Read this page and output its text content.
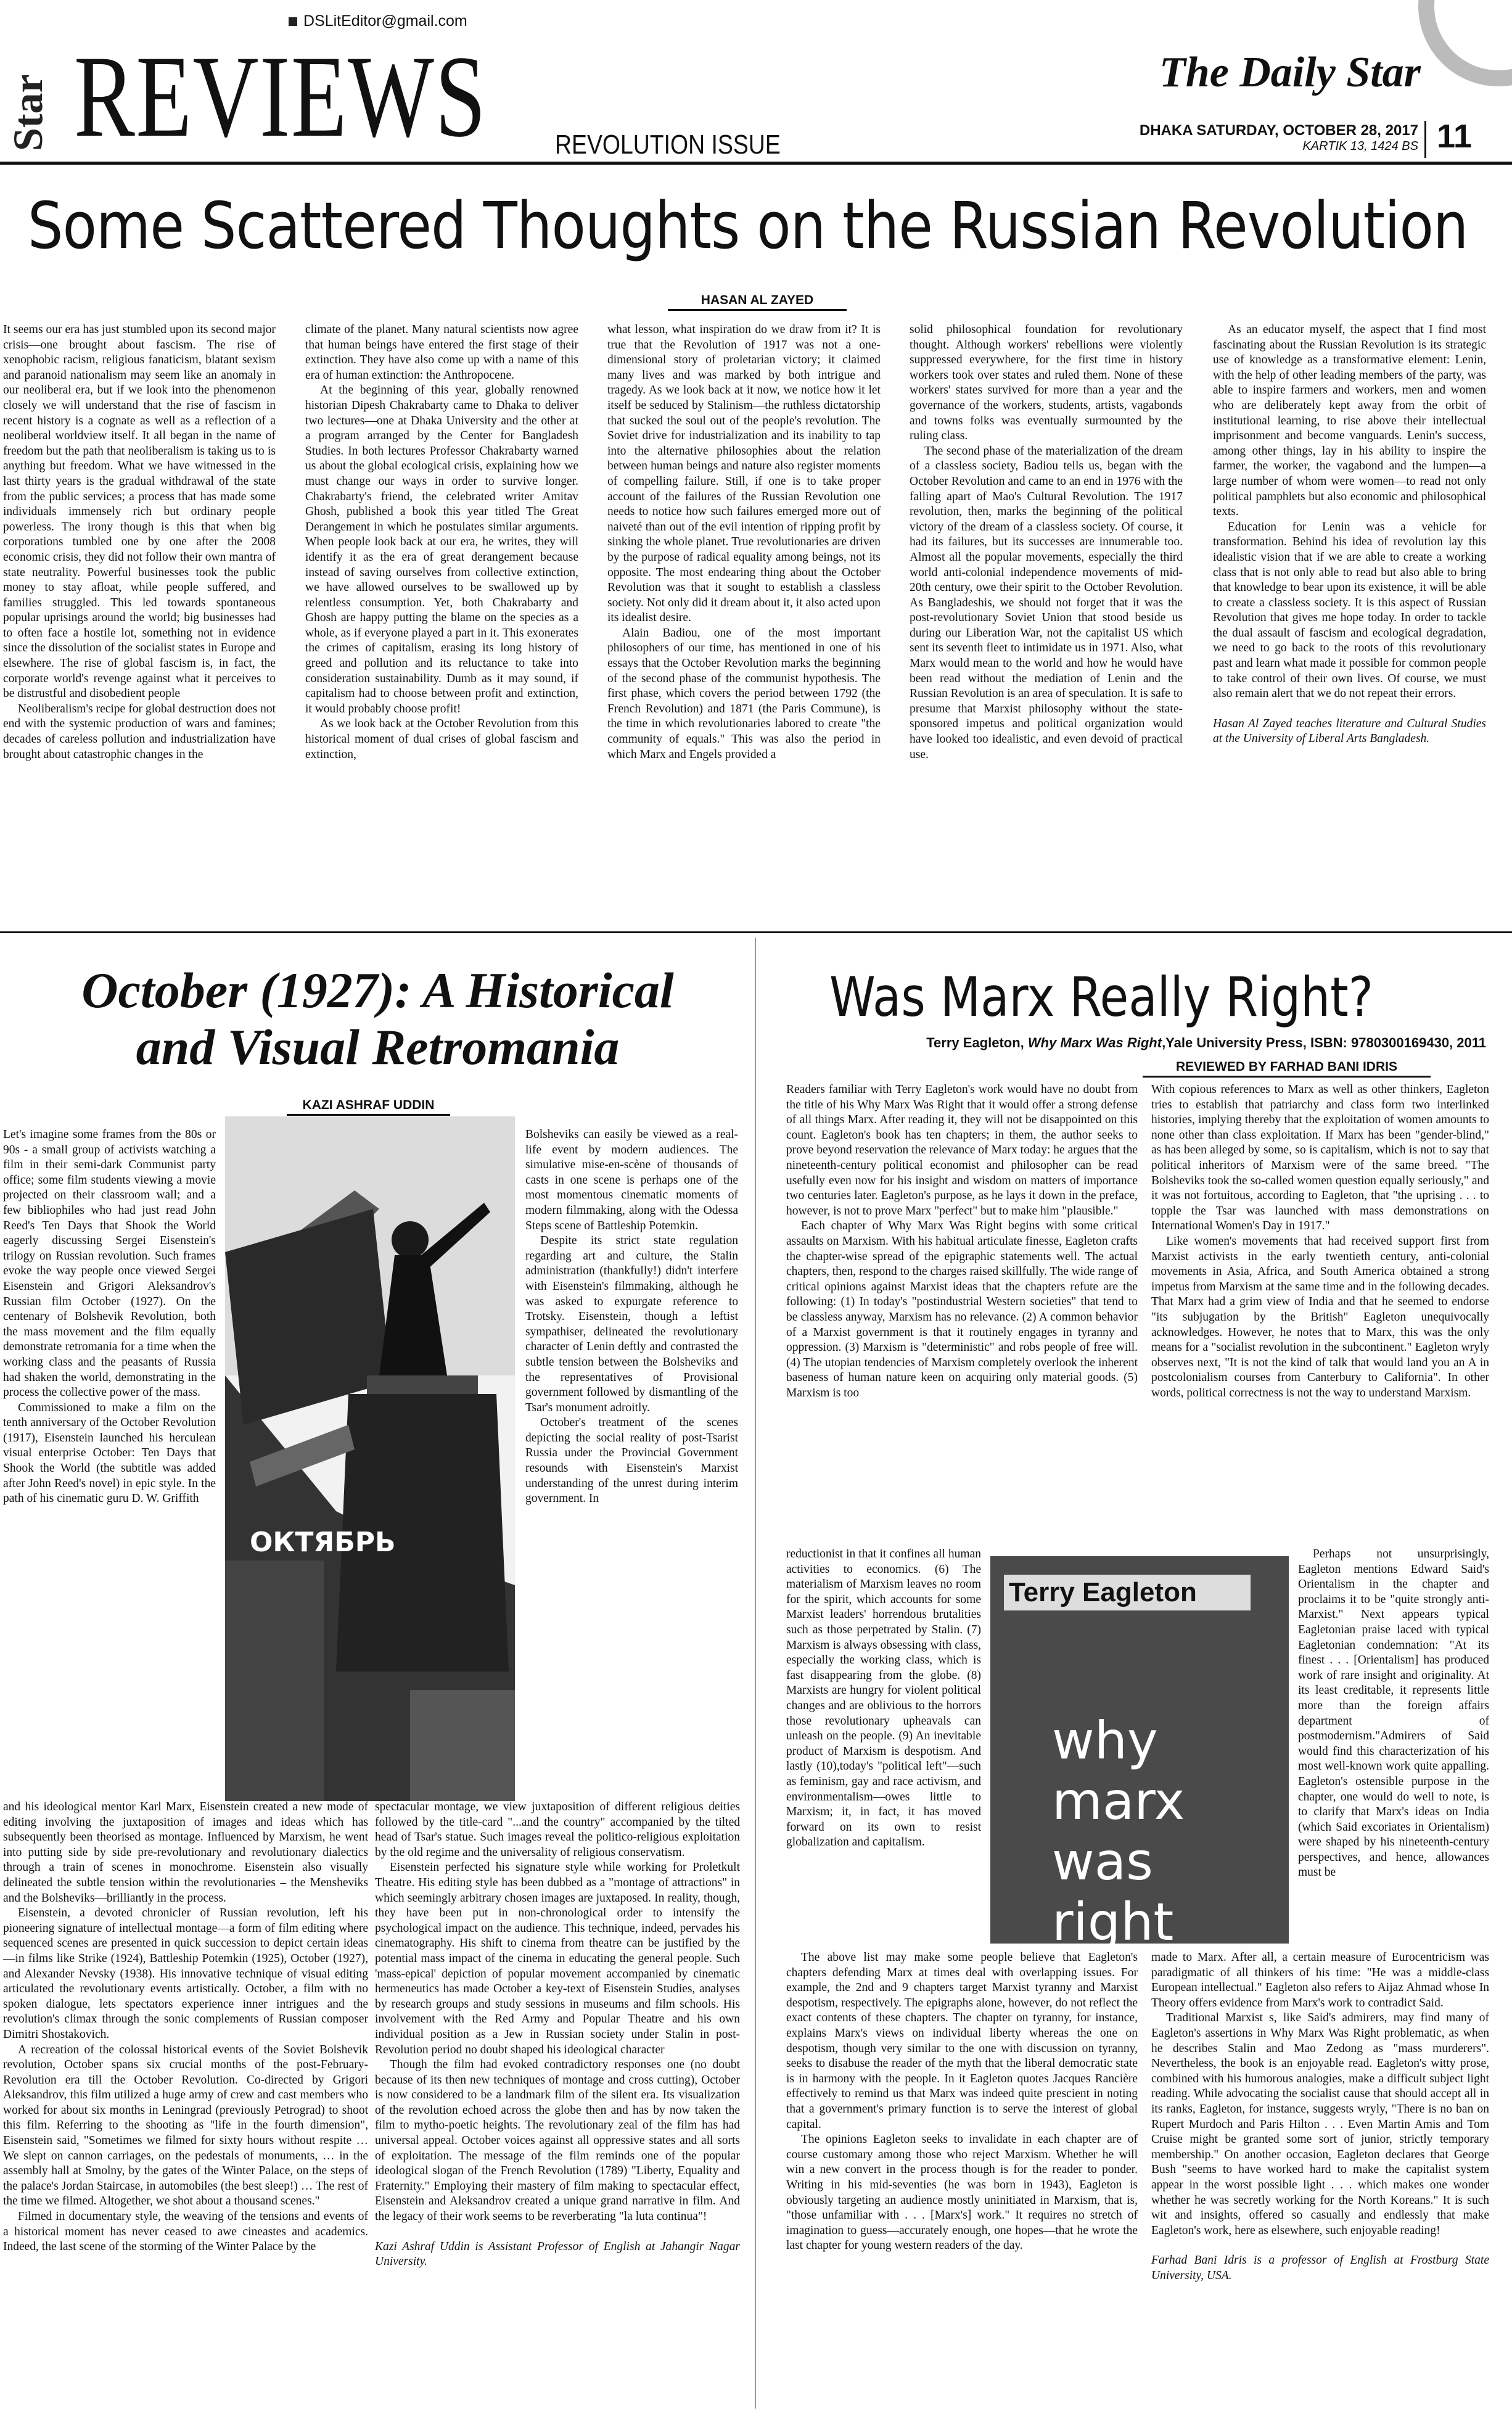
Star
DSLitEditor@gmail.com
REVIEWS	REVOLUTION ISSUE
The Daily Star
DHAKA SATURDAY, OCTOBER 28, 2017
KARTIK 13, 1424 BS 11
Some Scattered Thoughts on the Russian Revolution
HASAN AL ZAYED

It seems our era has just stumbled upon its second major crisis—one brought about fascism. The rise of xenophobic racism, religious fanaticism, blatant sexism and paranoid nationalism may seem like an anomaly in our neoliberal era, but if we look into the phenomenon closely we will understand that the rise of fascism in recent history is a cognate as well as a reflection of a neoliberal worldview itself. It all began in the name of freedom but the path that neoliberalism is taking us to is anything but freedom. What we have witnessed in the last thirty years is the gradual withdrawal of the state from the public services; a process that has made some individuals immensely rich but ordinary people powerless. The irony though is this that when big corporations tumbled one by one after the 2008 economic crisis, they did not follow their own mantra of state neutrality. Powerful businesses took the public money to stay afloat, while people suffered, and families struggled. This led towards spontaneous popular uprisings around the world; big businesses had to often face a hostile lot, something not in evidence since the dissolution of the socialist states in Europe and elsewhere. The rise of global fascism is, in fact, the corporate world's revenge against what it perceives to be distrustful and disobedient people

Neoliberalism's recipe for global destruction does not end with the systemic production of wars and famines; decades of careless pollution and industrialization have brought about catastrophic changes in the

climate of the planet. Many natural scientists now agree that human beings have entered the first stage of their extinction. They have also come up with a name of this era of human extinction: the Anthropocene.

At the beginning of this year, globally renowned historian Dipesh Chakrabarty came to Dhaka to deliver two lectures—one at Dhaka University and the other at a program arranged by the Center for Bangladesh Studies. In both lectures Professor Chakrabarty warned us about the global ecological crisis, explaining how we must change our ways in order to survive longer. Chakrabarty's friend, the celebrated writer Amitav Ghosh, published a book this year titled The Great Derangement in which he postulates similar arguments. When people look back at our era, he writes, they will identify it as the era of great derangement because instead of saving ourselves from collective extinction, we have allowed ourselves to be swallowed up by relentless consumption. Yet, both Chakrabarty and Ghosh are happy putting the blame on the species as a whole, as if everyone played a part in it. This exonerates the crimes of capitalism, erasing its long history of greed and pollution and its reluctance to take into consideration sustainability. Dumb as it may sound, if capitalism had to choose between profit and extinction, it would probably choose profit!

As we look back at the October Revolution from this historical moment of dual crises of global fascism and extinction,

what lesson, what inspiration do we draw from it? It is true that the Revolution of 1917 was not a one-dimensional story of proletarian victory; it claimed many lives and was marked by both intrigue and tragedy. As we look back at it now, we notice how it let itself be seduced by Stalinism—the ruthless dictatorship that sucked the soul out of the people's revolution. The Soviet drive for industrialization and its inability to tap into the alternative philosophies about the relation between human beings and nature also register moments of compelling failure. Still, if one is to take proper account of the failures of the Russian Revolution one needs to notice how such failures emerged more out of naiveté than out of the evil intention of ripping profit by sinking the whole planet. True revolutionaries are driven by the purpose of radical equality among beings, not its opposite. The most endearing thing about the October Revolution was that it sought to establish a classless society. Not only did it dream about it, it also acted upon its idealist desire.

Alain Badiou, one of the most important philosophers of our time, has mentioned in one of his essays that the October Revolution marks the beginning of the second phase of the communist hypothesis. The first phase, which covers the period between 1792 (the French Revolution) and 1871 (the Paris Commune), is the time in which revolutionaries labored to create "the community of equals." This was also the period in which Marx and Engels provided a

solid philosophical foundation for revolutionary thought. Although workers' rebellions were violently suppressed everywhere, for the first time in history workers took over states and ruled them. None of these workers' states survived for more than a year and the governance of the workers, students, artists, vagabonds and towns folks was eventually surmounted by the ruling class.

The second phase of the materialization of the dream of a classless society, Badiou tells us, began with the October Revolution and came to an end in 1976 with the falling apart of Mao's Cultural Revolution. The 1917 revolution, then, marks the beginning of the political victory of the dream of a classless society. Of course, it had its failures, but its successes are innumerable too. Almost all the popular movements, especially the third world anti-colonial independence movements of mid-20th century, owe their spirit to the October Revolution. As Bangladeshis, we should not forget that it was the post-revolutionary Soviet Union that stood beside us during our Liberation War, not the capitalist US which sent its seventh fleet to intimidate us in 1971. Also, what Marx would mean to the world and how he would have been read without the mediation of Lenin and the Russian Revolution is an area of speculation. It is safe to presume that Marxist philosophy without the state-sponsored impetus and political organization would have looked too idealistic, and even devoid of practical use.

As an educator myself, the aspect that I find most fascinating about the Russian Revolution is its strategic use of knowledge as a transformative element: Lenin, with the help of other leading members of the party, was able to inspire farmers and workers, men and women who are deliberately kept away from the orbit of institutional learning, to rise above their intellectual imprisonment and become vanguards. Lenin's success, among other things, lay in his ability to inspire the farmer, the worker, the vagabond and the lumpen—a large number of whom were women—to read not only political pamphlets but also economic and philosophical texts.

Education for Lenin was a vehicle for transformation. Behind his idea of revolution lay this idealistic vision that if we are able to create a working class that is not only able to read but also able to bring that knowledge to bear upon its existence, it will be able to create a classless society. It is this aspect of Russian Revolution that gives me hope today. In order to tackle the dual assault of fascism and ecological degradation, we need to go back to the roots of this revolutionary past and learn what made it possible for common people to take control of their own lives. Of course, we must also remain alert that we do not repeat their errors.

Hasan Al Zayed teaches literature and Cultural Studies at the University of Liberal Arts Bangladesh.

October (1927): A Historical
and Visual Retromania
KAZI ASHRAF UDDIN
ОКТЯБРЬ

Let's imagine some frames from the 80s or 90s - a small group of activists watching a film in their semi-dark Communist party office; some film students viewing a movie projected on their classroom wall; and a few bibliophiles who had just read John Reed's Ten Days that Shook the World eagerly discussing Sergei Eisenstein's trilogy on Russian revolution. Such frames evoke the way people once viewed Sergei Eisenstein and Grigori Aleksandrov's Russian film October (1927). On the centenary of Bolshevik Revolution, both the mass movement and the film equally demonstrate retromania for a time when the working class and the peasants of Russia had shaken the world, demonstrating in the process the collective power of the mass.

Commissioned to make a film on the tenth anniversary of the October Revolution (1917), Eisenstein launched his herculean visual enterprise October: Ten Days that Shook the World (the subtitle was added after John Reed's novel) in epic style. In the path of his cinematic guru D. W. Griffith

and his ideological mentor Karl Marx, Eisenstein created a new mode of editing involving the juxtaposition of images and ideas which has subsequently been theorised as montage. Influenced by Marxism, he went into putting side by side pre-revolutionary and revolutionary dialectics through a train of scenes in monochrome. Eisenstein also visually delineated the subtle tension within the revolutionaries – the Mensheviks and the Bolsheviks—brilliantly in the process.

Eisenstein, a devoted chronicler of Russian revolution, left his pioneering signature of intellectual montage—a form of film editing where sequenced scenes are presented in quick succession to depict certain ideas—in films like Strike (1924), Battleship Potemkin (1925), October (1927), and Alexander Nevsky (1938). His innovative technique of visual editing articulated the revolutionary events artistically. October, a film with no spoken dialogue, lets spectators experience inner intrigues and the revolution's climax through the sonic complements of Russian composer Dimitri Shostakovich.

A recreation of the colossal historical events of the Soviet Bolshevik revolution, October spans six crucial months of the post-February-Revolution era till the October Revolution. Co-directed by Grigori Aleksandrov, this film utilized a huge army of crew and cast members who worked for about six months in Leningrad (previously Petrograd) to shoot this film. Referring to the shooting as "life in the fourth dimension", Eisenstein said, "Sometimes we filmed for sixty hours without respite … We slept on cannon carriages, on the pedestals of monuments, … in the assembly hall at Smolny, by the gates of the Winter Palace, on the steps of the palace's Jordan Staircase, in automobiles (the best sleep!) … The rest of the time we filmed. Altogether, we shot about a thousand scenes."

Filmed in documentary style, the weaving of the tensions and events of a historical moment has never ceased to awe cineastes and academics. Indeed, the last scene of the storming of the Winter Palace by the

Bolsheviks can easily be viewed as a real-life event by modern audiences. The simulative mise-en-scène of thousands of casts in one scene is perhaps one of the most momentous cinematic moments of modern filmmaking, along with the Odessa Steps scene of Battleship Potemkin.

Despite its strict state regulation regarding art and culture, the Stalin administration (thankfully!) didn't interfere with Eisenstein's filmmaking, although he was asked to expurgate reference to Trotsky. Eisenstein, though a leftist sympathiser, delineated the revolutionary character of Lenin deftly and contrasted the subtle tension between the Bolsheviks and the representatives of Provisional government followed by dismantling of the Tsar's monument adroitly.

October's treatment of the scenes depicting the social reality of post-Tsarist Russia under the Provincial Government resounds with Eisenstein's Marxist understanding of the unrest during interim government. In

spectacular montage, we view juxtaposition of different religious deities followed by the title-card "...and the country" accompanied by the tilted head of Tsar's statue. Such images reveal the politico-religious exploitation by the old regime and the universality of religious conservatism.

Eisenstein perfected his signature style while working for Proletkult Theatre. His editing style has been dubbed as a "montage of attractions" in which seemingly arbitrary chosen images are juxtaposed. In reality, though, they have been put in non-chronological order to intensify the psychological impact on the audience. This technique, indeed, pervades his cinematography. His shift to cinema from theatre can be justified by the potential mass impact of the cinema in educating the general people. Such 'mass-epical' depiction of popular movement accompanied by cinematic hermeneutics has made October a key-text of Eisenstein Studies, analyses by research groups and study sessions in museums and film schools. His involvement with the Red Army and Popular Theatre and his own individual position as a Jew in Russian society under Stalin in post-Revolution period no doubt shaped his ideological character

Though the film had evoked contradictory responses one (no doubt because of its then new techniques of montage and cross cutting), October is now considered to be a landmark film of the silent era. Its visualization of the revolution echoed across the globe then and has by now taken the film to mytho-poetic heights. The revolutionary zeal of the film has had universal appeal. October voices against all oppressive states and all sorts of exploitation. The message of the film reminds one of the popular ideological slogan of the French Revolution (1789) "Liberty, Equality and Fraternity." Employing their mastery of film making to spectacular effect, Eisenstein and Aleksandrov created a unique grand narrative in film. And the legacy of their work seems to be reverberating "la luta continua"!

Kazi Ashraf Uddin is Assistant Professor of English at Jahangir Nagar University.

Was Marx Really Right?
Terry Eagleton, Why Marx Was Right,Yale University Press, ISBN: 9780300169430, 2011
REVIEWED BY FARHAD BANI IDRIS
Terry Eagleton
why marx was right

Readers familiar with Terry Eagleton's work would have no doubt from the title of his Why Marx Was Right that it would offer a strong defense of all things Marx. After reading it, they will not be disappointed on this count. Eagleton's book has ten chapters; in them, the author seeks to prove beyond reservation the relevance of Marx today: he argues that the nineteenth-century political economist and philosopher can be read usefully even now for his insight and wisdom on matters of importance two centuries later. Eagleton's purpose, as he lays it down in the preface, however, is not to prove Marx "perfect" but to make him "plausible."

Each chapter of Why Marx Was Right begins with some critical assaults on Marxism. With his habitual articulate finesse, Eagleton crafts the chapter-wise spread of the epigraphic statements well. The actual chapters, then, respond to the charges raised skillfully. The wide range of critical opinions against Marxist ideas that the chapters refute are the following: (1) In today's "postindustrial Western societies" that tend to be classless anyway, Marxism has no relevance. (2) A common behavior of a Marxist government is that it routinely engages in tyranny and oppression. (3) Marxism is "deterministic" and robs people of free will. (4) The utopian tendencies of Marxism completely overlook the inherent baseness of human nature keen on acquiring only material goods. (5) Marxism is too

reductionist in that it confines all human activities to economics. (6) The materialism of Marxism leaves no room for the spirit, which accounts for some Marxist leaders' horrendous brutalities such as those perpetrated by Stalin. (7) Marxism is always obsessing with class, especially the working class, which is fast disappearing from the globe. (8) Marxists are hungry for violent political changes and are oblivious to the horrors those revolutionary upheavals can unleash on the people. (9) An inevitable product of Marxism is despotism. And lastly (10),today's "political left"—such as feminism, gay and race activism, and environmentalism—owes little to Marxism; it, in fact, it has moved forward on its own to resist globalization and capitalism.

The above list may make some people believe that Eagleton's chapters defending Marx at times deal with overlapping issues. For example, the 2nd and 9 chapters target Marxist tyranny and Marxist despotism, respectively. The epigraphs alone, however, do not reflect the exact contents of these chapters. The chapter on tyranny, for instance, explains Marx's views on individual liberty whereas the one on despotism, though very similar to the one with discussion on tyranny, seeks to disabuse the reader of the myth that the liberal democratic state is in harmony with the people. In it Eagleton quotes Jacques Rancière effectively to remind us that Marx was indeed quite prescient in noting that a government's primary function is to serve the interest of global capital.

The opinions Eagleton seeks to invalidate in each chapter are of course customary among those who reject Marxism. Whether he will win a new convert in the process though is for the reader to ponder. Writing in his mid-seventies (he was born in 1943), Eagleton is obviously targeting an audience mostly uninitiated in Marxism, that is, "those unfamiliar with . . . [Marx's] work." It requires no stretch of imagination to guess—accurately enough, one hopes—that he wrote the last chapter for young western readers of the day.

With copious references to Marx as well as other thinkers, Eagleton tries to establish that patriarchy and class form two interlinked histories, implying thereby that the exploitation of women amounts to none other than class exploitation. If Marx has been "gender-blind," as has been alleged by some, so is capitalism, which is not to say that political inheritors of Marxism were of the same breed. "The Bolsheviks took the so-called women question equally seriously," and it was not fortuitous, according to Eagleton, that "the uprising . . . to topple the Tsar was launched with mass demonstrations on International Women's Day in 1917."

Like women's movements that had received support first from Marxist activists in the early twentieth century, anti-colonial movements in Asia, Africa, and South America obtained a strong impetus from Marxism at the same time and in the following decades. That Marx had a grim view of India and that he seemed to endorse "its subjugation by the British" Eagleton unequivocally acknowledges. However, he notes that to Marx, this was the only means for a "socialist revolution in the subcontinent." Eagleton wryly observes next, "It is not the kind of talk that would land you an A in postcolonialism courses from Canterbury to California". In other words, political correctness is not the way to understand Marxism.

Perhaps not unsurprisingly, Eagleton mentions Edward Said's Orientalism in the chapter and proclaims it to be "quite strongly anti-Marxist." Next appears typical Eagletonian praise laced with typical Eagletonian condemnation: "At its finest . . . [Orientalism] has produced work of rare insight and originality. At its least creditable, it represents little more than the foreign affairs department of postmodernism."Admirers of Said would find this characterization of his most well-known work quite appalling. Eagleton's ostensible purpose in the chapter, one would do well to note, is to clarify that Marx's ideas on India (which Said excoriates in Orientalism) were shaped by his nineteenth-century perspectives, and hence, allowances must be

made to Marx. After all, a certain measure of Eurocentricism was paradigmatic of all thinkers of his time: "He was a middle-class European intellectual." Eagleton also refers to Aijaz Ahmad whose In Theory offers evidence from Marx's work to contradict Said.

Traditional Marxist s, like Said's admirers, may find many of Eagleton's assertions in Why Marx Was Right problematic, as when he describes Stalin and Mao Zedong as "mass murderers". Nevertheless, the book is an enjoyable read. Eagleton's witty prose, combined with his humorous analogies, make a difficult subject light reading. While advocating the socialist cause that should accept all in its ranks, Eagleton, for instance, suggests wryly, "There is no ban on Rupert Murdoch and Paris Hilton . . . Even Martin Amis and Tom Cruise might be granted some sort of junior, strictly temporary membership." On another occasion, Eagleton declares that George Bush "seems to have worked hard to make the capitalist system appear in the worst possible light . . . which makes one wonder whether he was secretly working for the North Koreans." It is such wit and insights, offered so casually and endlessly that make Eagleton's work, here as elsewhere, such enjoyable reading!

Farhad Bani Idris is a professor of English at Frostburg State University, USA.
